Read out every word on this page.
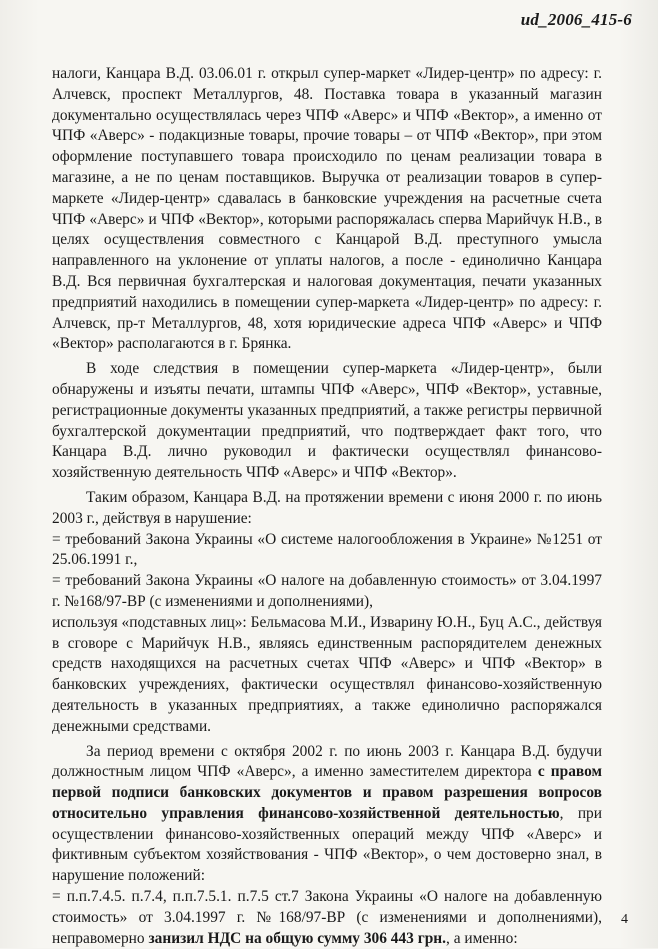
ud_2006_415-6

налоги, Канцара В.Д. 03.06.01 г. открыл супер-маркет «Лидер-центр» по адресу: г. Алчевск, проспект Металлургов, 48. Поставка товара в указанный магазин документально осуществлялась через ЧПФ «Аверс» и ЧПФ «Вектор», а именно от ЧПФ «Аверс» - подакцизные товары, прочие товары – от ЧПФ «Вектор», при этом оформление поступавшего товара происходило по ценам реализации товара в магазине, а не по ценам поставщиков. Выручка от реализации товаров в супер-маркете «Лидер-центр» сдавалась в банковские учреждения на расчетные счета ЧПФ «Аверс» и ЧПФ «Вектор», которыми распоряжалась сперва Марийчук Н.В., в целях осуществления совместного с Канцарой В.Д. преступного умысла направленного на уклонение от уплаты налогов, а после - единолично Канцара В.Д. Вся первичная бухгалтерская и налоговая документация, печати указанных предприятий находились в помещении супер-маркета «Лидер-центр» по адресу: г. Алчевск, пр-т Металлургов, 48, хотя юридические адреса ЧПФ «Аверс» и ЧПФ «Вектор» располагаются в г. Брянка.

В ходе следствия в помещении супер-маркета «Лидер-центр», были обнаружены и изъяты печати, штампы ЧПФ «Аверс», ЧПФ «Вектор», уставные, регистрационные документы указанных предприятий, а также регистры первичной бухгалтерской документации предприятий, что подтверждает факт того, что Канцара В.Д. лично руководил и фактически осуществлял финансово-хозяйственную деятельность ЧПФ «Аверс» и ЧПФ «Вектор».

Таким образом, Канцара В.Д. на протяжении времени с июня 2000 г. по июнь 2003 г., действуя в нарушение:

= требований Закона Украины «О системе налогообложения в Украине» №1251 от 25.06.1991 г.,

= требований Закона Украины «О налоге на добавленную стоимость» от 3.04.1997 г. №168/97-ВР (с изменениями и дополнениями),

используя «подставных лиц»: Бельмасова М.И., Изварину Ю.Н., Буц А.С., действуя в сговоре с Марийчук Н.В., являясь единственным распорядителем денежных средств находящихся на расчетных счетах ЧПФ «Аверс» и ЧПФ «Вектор» в банковских учреждениях, фактически осуществлял финансово-хозяйственную деятельность в указанных предприятиях, а также единолично распоряжался денежными средствами.

За период времени с октября 2002 г. по июнь 2003 г. Канцара В.Д. будучи должностным лицом ЧПФ «Аверс», а именно заместителем директора с правом первой подписи банковских документов и правом разрешения вопросов относительно управления финансово-хозяйственной деятельностью, при осуществлении финансово-хозяйственных операций между ЧПФ «Аверс» и фиктивным субъектом хозяйствования - ЧПФ «Вектор», о чем достоверно знал, в нарушение положений:

= п.п.7.4.5. п.7.4, п.п.7.5.1. п.7.5 ст.7 Закона Украины «О налоге на добавленную стоимость» от 3.04.1997 г. №168/97-ВР (с изменениями и дополнениями), неправомерно занизил НДС на общую сумму 306 443 грн., а именно:

4
